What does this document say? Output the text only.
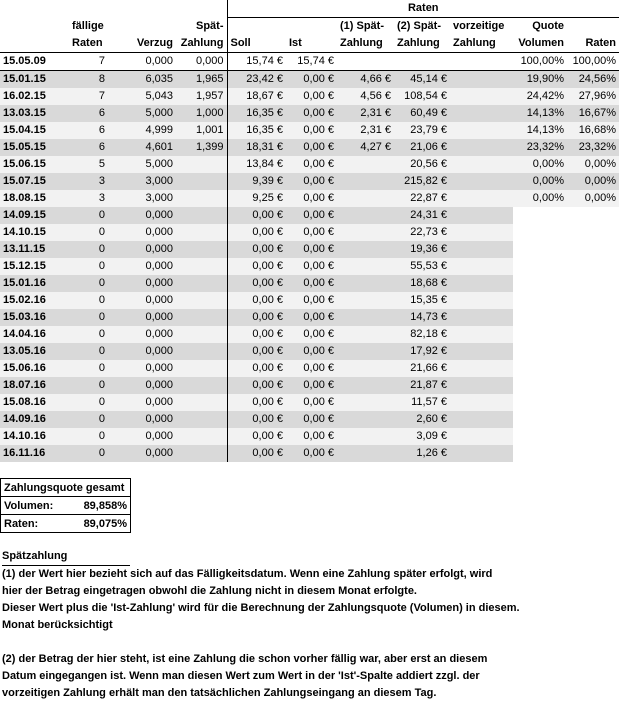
				Raten						
	fällige		Spät-			(1) Spät-	(2) Spät-	vorzeitige	Quote	
	Raten	Verzug	Zahlung	Soll	Ist	Zahlung	Zahlung	Zahlung	Volumen	Raten
15.05.09	7	0,000	0,000	15,74 €	15,74 €				100,00%	100,00%
15.01.15	8	6,035	1,965	23,42 €	0,00 €	4,66 €	45,14 €		19,90%	24,56%
16.02.15	7	5,043	1,957	18,67 €	0,00 €	4,56 €	108,54 €		24,42%	27,96%
13.03.15	6	5,000	1,000	16,35 €	0,00 €	2,31 €	60,49 €		14,13%	16,67%
15.04.15	6	4,999	1,001	16,35 €	0,00 €	2,31 €	23,79 €		14,13%	16,68%
15.05.15	6	4,601	1,399	18,31 €	0,00 €	4,27 €	21,06 €		23,32%	23,32%
15.06.15	5	5,000		13,84 €	0,00 €		20,56 €		0,00%	0,00%
15.07.15	3	3,000		9,39 €	0,00 €		215,82 €		0,00%	0,00%
18.08.15	3	3,000		9,25 €	0,00 €		22,87 €		0,00%	0,00%
14.09.15	0	0,000		0,00 €	0,00 €		24,31 €			
14.10.15	0	0,000		0,00 €	0,00 €		22,73 €			
13.11.15	0	0,000		0,00 €	0,00 €		19,36 €			
15.12.15	0	0,000		0,00 €	0,00 €		55,53 €			
15.01.16	0	0,000		0,00 €	0,00 €		18,68 €			
15.02.16	0	0,000		0,00 €	0,00 €		15,35 €			
15.03.16	0	0,000		0,00 €	0,00 €		14,73 €			
14.04.16	0	0,000		0,00 €	0,00 €		82,18 €			
13.05.16	0	0,000		0,00 €	0,00 €		17,92 €			
15.06.16	0	0,000		0,00 €	0,00 €		21,66 €			
18.07.16	0	0,000		0,00 €	0,00 €		21,87 €			
15.08.16	0	0,000		0,00 €	0,00 €		11,57 €			
14.09.16	0	0,000		0,00 €	0,00 €		2,60 €			
14.10.16	0	0,000		0,00 €	0,00 €		3,09 €			
16.11.16	0	0,000		0,00 €	0,00 €		1,26 €			
Zahlungsquote gesamt	
Volumen:	89,858%
Raten:	89,075%

Spätzahlung

(1) der Wert hier bezieht sich auf das Fälligkeitsdatum. Wenn eine Zahlung später erfolgt, wird

hier der Betrag eingetragen obwohl die Zahlung nicht in diesem Monat erfolgte.

Dieser Wert plus die 'Ist-Zahlung' wird für die Berechnung der Zahlungsquote (Volumen) in diesem.

Monat berücksichtigt

(2) der Betrag der hier steht, ist eine Zahlung die schon vorher fällig war, aber erst an diesem

Datum eingegangen ist. Wenn man diesen Wert zum Wert in der 'Ist'-Spalte addiert zzgl. der

vorzeitigen Zahlung erhält man den tatsächlichen Zahlungseingang an diesem Tag.
